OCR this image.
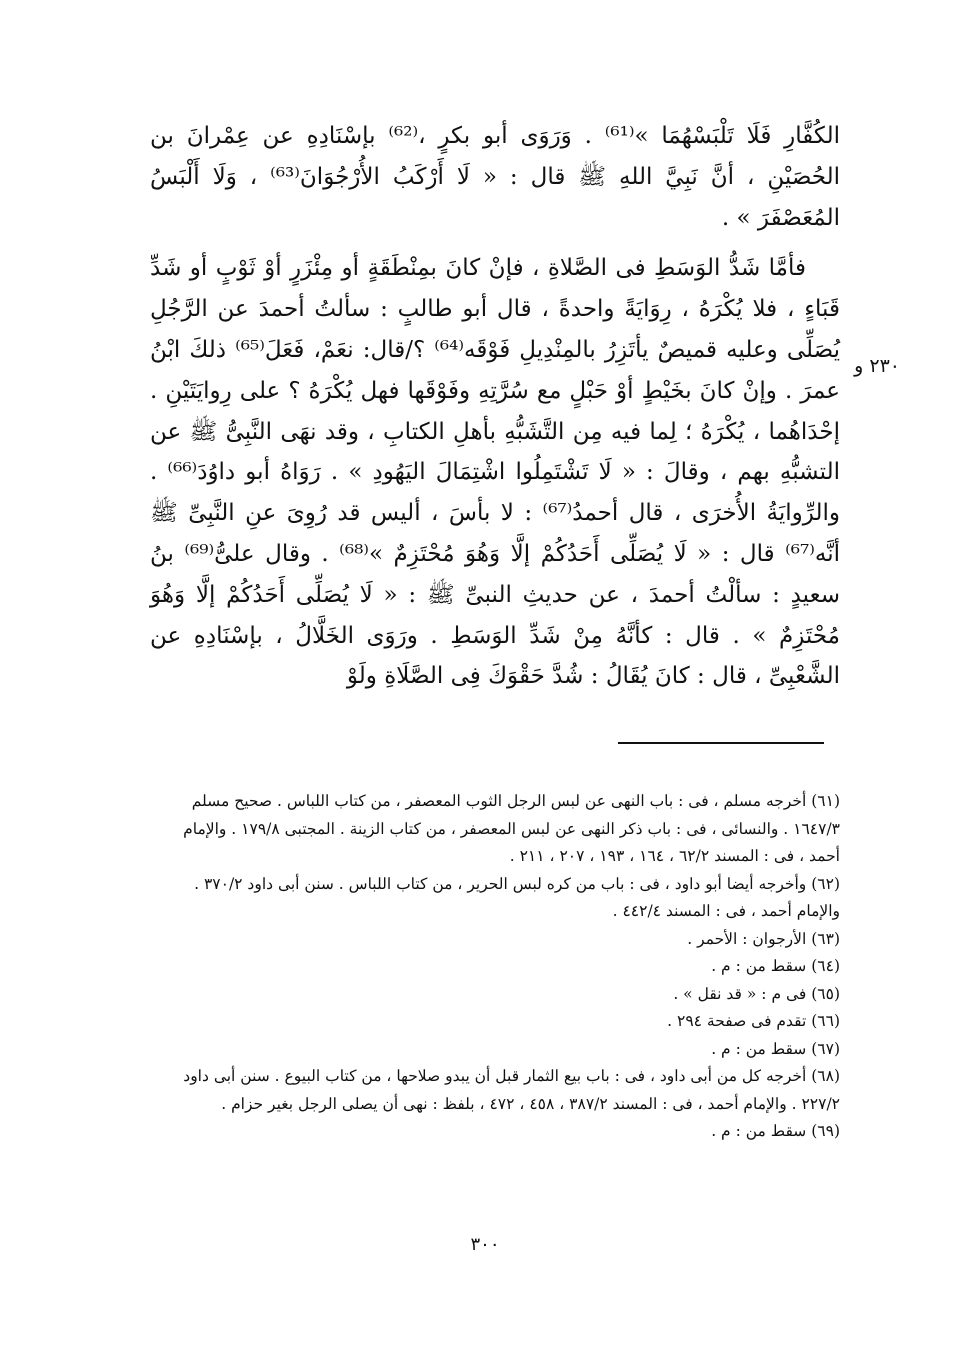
٢٣٠ و

الكُفَّارِ فَلَا تَلْبَسْهُمَا »⁽⁶¹⁾ . وَرَوَى أبو بكرٍ ،⁽⁶²⁾ بإسْنَادِهِ عن عِمْرانَ بن الحُصَيْنِ ، أنَّ نَبِيَّ اللهِ ﷺ قال : « لَا أَرْكَبُ الأُرْجُوَانَ⁽⁶³⁾ ، وَلَا أَلْبَسُ المُعَصْفَرَ » .

فأمَّا شَدُّ الوَسَطِ فى الصَّلاةِ ، فإنْ كانَ بمِنْطَقَةٍ أو مِئْزَرٍ أوْ ثَوْبٍ أو شَدِّ قَبَاءٍ ، فلا يُكْرَهُ ، رِوَايَةً واحدةً ، قال أبو طالبٍ : سألتُ أحمدَ عن الرَّجُلِ يُصَلِّى وعليه قميصٌ يأتَزِرُ بالمِنْدِيلِ فَوْقَه⁽⁶⁴⁾ ؟/قال: نعَمْ، فَعَلَ⁽⁶⁵⁾ ذلكَ ابْنُ عمرَ . وإنْ كانَ بخَيْطٍ أوْ حَبْلٍ مع سُرَّتِهِ وفَوْقَها فهل يُكْرَهُ ؟ على رِوايَتَيْنِ . إحْدَاهُما ، يُكْرَهُ ؛ لِما فيه مِن التَّشَبُّهِ بأهلِ الكتابِ ، وقد نهَى النَّبِىُّ ﷺ عن التشبُّهِ بهم ، وقالَ : « لَا تَشْتَمِلُوا اشْتِمَالَ اليَهُودِ » . رَوَاهُ أبو داوُدَ⁽⁶⁶⁾ . والرِّوايَةُ الأُخرَى ، قال أحمدُ⁽⁶⁷⁾ : لا بأسَ ، أليس قد رُوِىَ عنِ النَّبِىِّ ﷺ أنَّه⁽⁶⁷⁾ قال : « لَا يُصَلِّى أَحَدُكُمْ إلَّا وَهُوَ مُحْتَزِمٌ »⁽⁶⁸⁾ . وقال علىُّ⁽⁶⁹⁾ بنُ سعيدٍ : سألْتُ أحمدَ ، عن حديثِ النبىِّ ﷺ : « لَا يُصَلِّى أَحَدُكُمْ إلَّا وَهُوَ مُحْتَزِمٌ » . قال : كأنَّهُ مِنْ شَدِّ الوَسَطِ . ورَوَى الخَلَّالُ ، بإسْنَادِهِ عن الشَّعْبِىِّ ، قال : كانَ يُقَالُ : شُدَّ حَقْوَكَ فِى الصَّلَاةِ ولَوْ

(٦١) أخرجه مسلم ، فى : باب النهى عن لبس الرجل الثوب المعصفر ، من كتاب اللباس . صحيح مسلم ١٦٤٧/٣ . والنسائى ، فى : باب ذكر النهى عن لبس المعصفر ، من كتاب الزينة . المجتبى ١٧٩/٨ . والإمام أحمد ، فى : المسند ٦٢/٢ ، ١٦٤ ، ١٩٣ ، ٢٠٧ ، ٢١١ .

(٦٢) وأخرجه أيضا أبو داود ، فى : باب من كره لبس الحرير ، من كتاب اللباس . سنن أبى داود ٣٧٠/٢ . والإمام أحمد ، فى : المسند ٤٤٢/٤ .

(٦٣) الأرجوان : الأحمر .

(٦٤) سقط من : م .

(٦٥) فى م : « قد نقل » .

(٦٦) تقدم فى صفحة ٢٩٤ .

(٦٧) سقط من : م .

(٦٨) أخرجه كل من أبى داود ، فى : باب بيع الثمار قبل أن يبدو صلاحها ، من كتاب البيوع . سنن أبى داود ٢٢٧/٢ . والإمام أحمد ، فى : المسند ٣٨٧/٢ ، ٤٥٨ ، ٤٧٢ ، بلفظ : نهى أن يصلى الرجل بغير حزام .

(٦٩) سقط من : م .

٣٠٠
